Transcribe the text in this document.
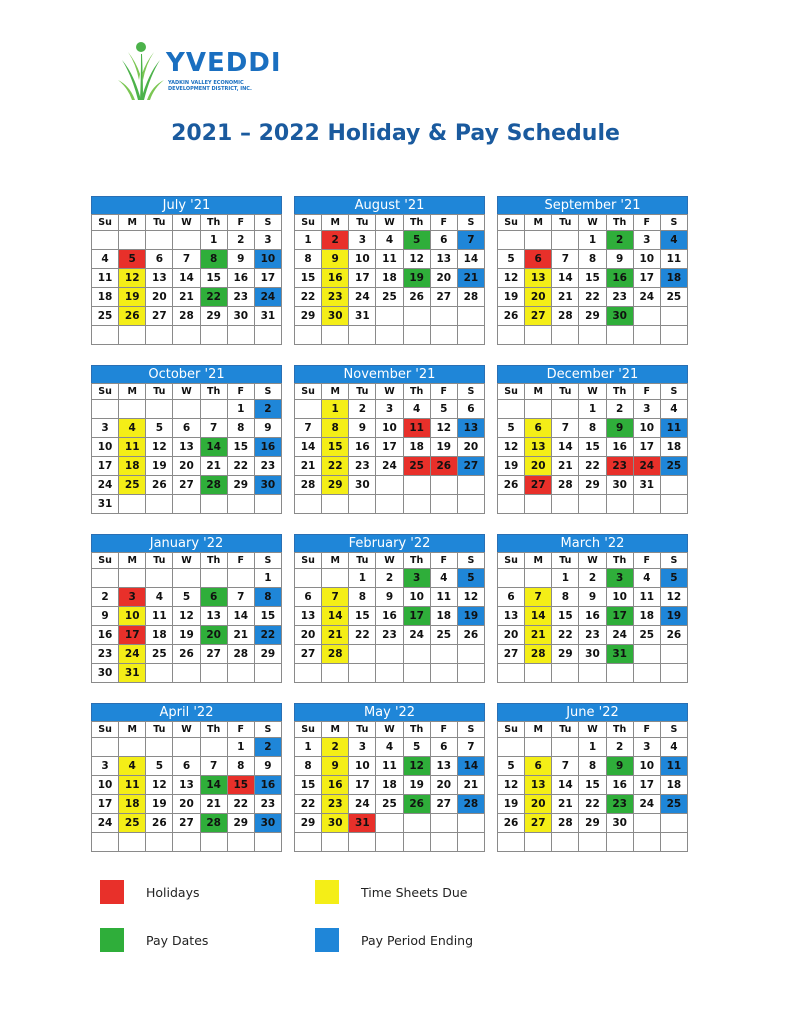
YVEDDI
YADKIN VALLEY ECONOMIC
DEVELOPMENT DISTRICT, INC.
2021 – 2022 Holiday & Pay Schedule
July '21
Su	M	Tu	W	Th	F	S
				1	2	3
4	5	6	7	8	9	10
11	12	13	14	15	16	17
18	19	20	21	22	23	24
25	26	27	28	29	30	31

August '21
Su	M	Tu	W	Th	F	S
1	2	3	4	5	6	7
8	9	10	11	12	13	14
15	16	17	18	19	20	21
22	23	24	25	26	27	28
29	30	31				

September '21
Su	M	Tu	W	Th	F	S
			1	2	3	4
5	6	7	8	9	10	11
12	13	14	15	16	17	18
19	20	21	22	23	24	25
26	27	28	29	30		

October '21
Su	M	Tu	W	Th	F	S
					1	2
3	4	5	6	7	8	9
10	11	12	13	14	15	16
17	18	19	20	21	22	23
24	25	26	27	28	29	30
31						
November '21
Su	M	Tu	W	Th	F	S
	1	2	3	4	5	6
7	8	9	10	11	12	13
14	15	16	17	18	19	20
21	22	23	24	25	26	27
28	29	30				

December '21
Su	M	Tu	W	Th	F	S
			1	2	3	4
5	6	7	8	9	10	11
12	13	14	15	16	17	18
19	20	21	22	23	24	25
26	27	28	29	30	31	

January '22
Su	M	Tu	W	Th	F	S
						1
2	3	4	5	6	7	8
9	10	11	12	13	14	15
16	17	18	19	20	21	22
23	24	25	26	27	28	29
30	31					
February '22
Su	M	Tu	W	Th	F	S
		1	2	3	4	5
6	7	8	9	10	11	12
13	14	15	16	17	18	19
20	21	22	23	24	25	26
27	28					

March '22
Su	M	Tu	W	Th	F	S
		1	2	3	4	5
6	7	8	9	10	11	12
13	14	15	16	17	18	19
20	21	22	23	24	25	26
27	28	29	30	31		

April '22
Su	M	Tu	W	Th	F	S
					1	2
3	4	5	6	7	8	9
10	11	12	13	14	15	16
17	18	19	20	21	22	23
24	25	26	27	28	29	30

May '22
Su	M	Tu	W	Th	F	S
1	2	3	4	5	6	7
8	9	10	11	12	13	14
15	16	17	18	19	20	21
22	23	24	25	26	27	28
29	30	31				

June '22
Su	M	Tu	W	Th	F	S
			1	2	3	4
5	6	7	8	9	10	11
12	13	14	15	16	17	18
19	20	21	22	23	24	25
26	27	28	29	30		

Holidays	Time Sheets Due
Pay Dates	Pay Period Ending
